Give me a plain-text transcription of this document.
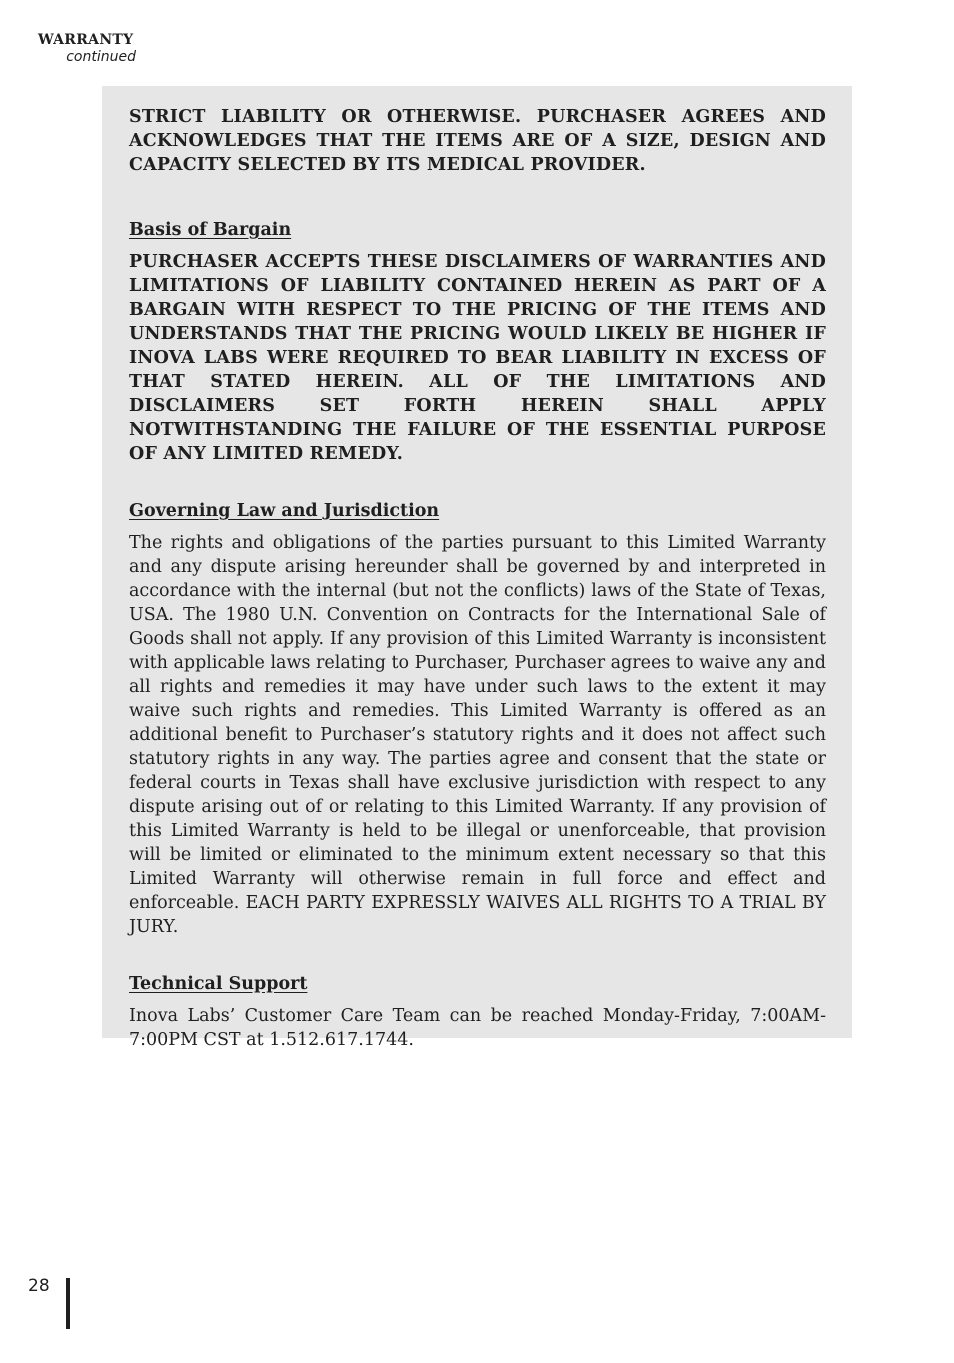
WARRANTY
continued

STRICT LIABILITY OR OTHERWISE. PURCHASER AGREES AND ACKNOWLEDGES THAT THE ITEMS ARE OF A SIZE, DESIGN AND CAPACITY SELECTED BY ITS MEDICAL PROVIDER.

Basis of Bargain

PURCHASER ACCEPTS THESE DISCLAIMERS OF WARRANTIES AND LIMITATIONS OF LIABILITY CONTAINED HEREIN AS PART OF A BARGAIN WITH RESPECT TO THE PRICING OF THE ITEMS AND UNDERSTANDS THAT THE PRICING WOULD LIKELY BE HIGHER IF INOVA LABS WERE REQUIRED TO BEAR LIABILITY IN EXCESS OF THAT STATED HEREIN. ALL OF THE LIMITATIONS AND DISCLAIMERS SET FORTH HEREIN SHALL APPLY NOTWITHSTANDING THE FAILURE OF THE ESSENTIAL PURPOSE OF ANY LIMITED REMEDY.

Governing Law and Jurisdiction

The rights and obligations of the parties pursuant to this Limited Warranty and any dispute arising hereunder shall be governed by and interpreted in accordance with the internal (but not the conflicts) laws of the State of Texas, USA. The 1980 U.N. Convention on Contracts for the International Sale of Goods shall not apply. If any provision of this Limited Warranty is inconsistent with applicable laws relating to Purchaser, Purchaser agrees to waive any and all rights and remedies it may have under such laws to the extent it may waive such rights and remedies. This Limited Warranty is offered as an additional benefit to Purchaser’s statutory rights and it does not affect such statutory rights in any way. The parties agree and consent that the state or federal courts in Texas shall have exclusive jurisdiction with respect to any dispute arising out of or relating to this Limited Warranty. If any provision of this Limited Warranty is held to be illegal or unenforceable, that provision will be limited or eliminated to the minimum extent necessary so that this Limited Warranty will otherwise remain in full force and effect and enforceable. EACH PARTY EXPRESSLY WAIVES ALL RIGHTS TO A TRIAL BY JURY.

Technical Support

Inova Labs’ Customer Care Team can be reached Monday-Friday, 7:00AM-7:00PM CST at 1.512.617.1744.

28
